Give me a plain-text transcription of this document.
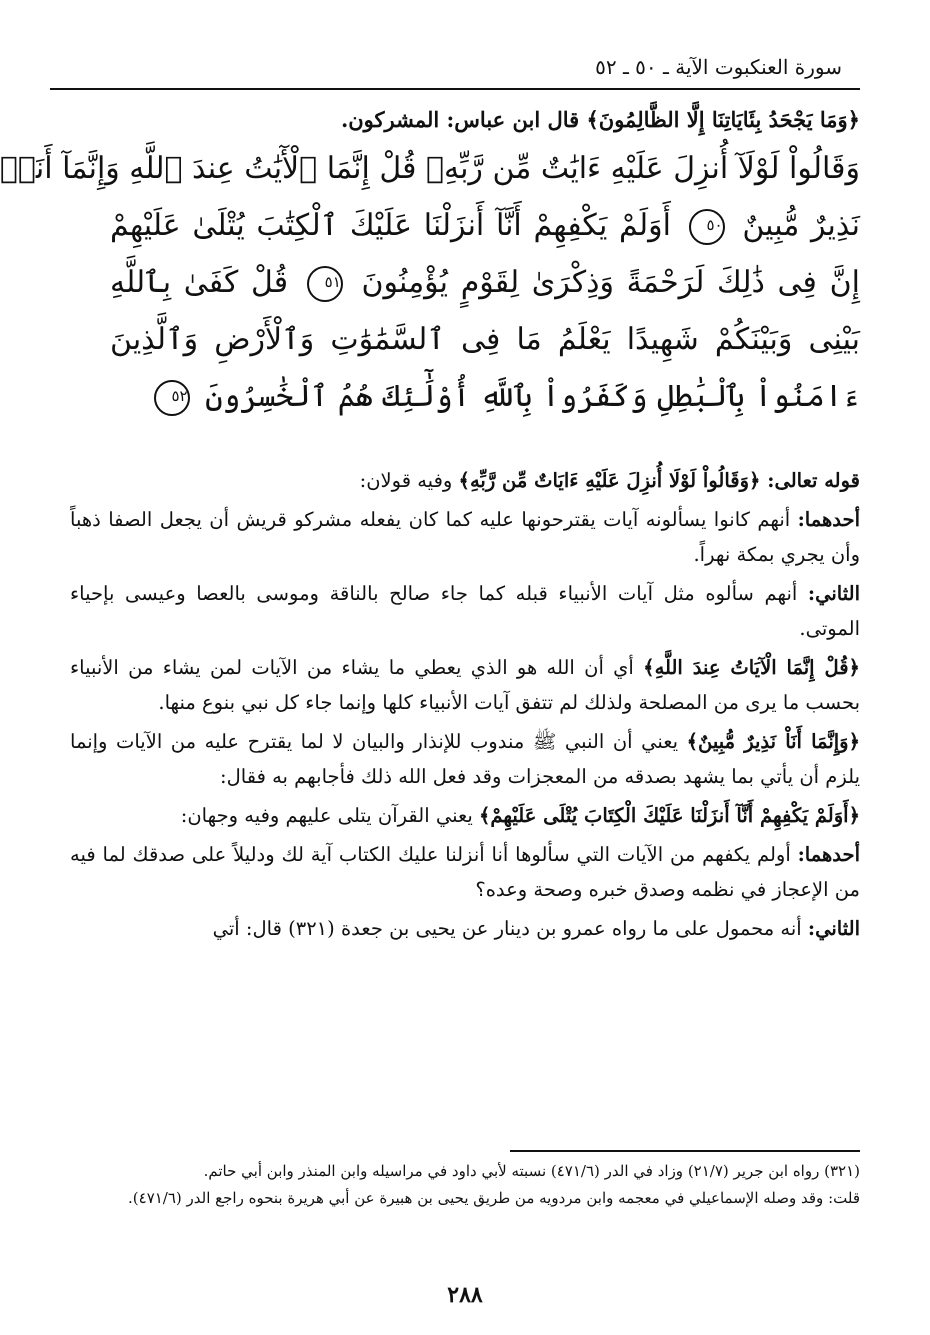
سورة العنكبوت الآية ـ ٥٠ ـ ٥٢
﴿وَمَا يَجْحَدُ بِئَايَاتِنَا إِلَّا الظَّالِمُونَ﴾ قال ابن عباس: المشركون.
وَقَالُواْ لَوْلَآ أُنزِلَ عَلَيْهِ ءَايَٰتٌ مِّن رَّبِّهِۦ قُلْ إِنَّمَا ٱلْأٓيَٰتُ عِندَ ٱللَّهِ وَإِنَّمَآ أَنَا۠
نَذِيرٌ مُّبِينٌ ٥٠ أَوَلَمْ يَكْفِهِمْ أَنَّآ أَنزَلْنَا عَلَيْكَ ٱلْكِتَٰبَ يُتْلَىٰ عَلَيْهِمْ
إِنَّ فِى ذَٰلِكَ لَرَحْمَةً وَذِكْرَىٰ لِقَوْمٍ يُؤْمِنُونَ ٥١ قُلْ كَفَىٰ بِٱللَّهِ
بَيْنِى وَبَيْنَكُمْ شَهِيدًا يَعْلَمُ مَا فِى ٱلسَّمَٰوَٰتِ وَٱلْأَرْضِ وَٱلَّذِينَ
ءَامَنُواْ بِٱلْبَٰطِلِ وَكَفَرُواْ بِٱللَّهِ أُوْلَٰٓئِكَ هُمُ ٱلْخَٰسِرُونَ ٥٢

قوله تعالى: ﴿وَقَالُواْ لَوْلَا أُنزِلَ عَلَيْهِ ءَايَاتٌ مِّن رَّبِّهِ﴾ وفيه قولان:

أحدهما: أنهم كانوا يسألونه آيات يقترحونها عليه كما كان يفعله مشركو قريش أن يجعل الصفا ذهباً وأن يجري بمكة نهراً.

الثاني: أنهم سألوه مثل آيات الأنبياء قبله كما جاء صالح بالناقة وموسى بالعصا وعيسى بإحياء الموتى.

﴿قُلْ إِنَّمَا الْآيَاتُ عِندَ اللَّهِ﴾ أي أن الله هو الذي يعطي ما يشاء من الآيات لمن يشاء من الأنبياء بحسب ما يرى من المصلحة ولذلك لم تتفق آيات الأنبياء كلها وإنما جاء كل نبي بنوع منها.

﴿وَإِنَّمَا أَنَاْ نَذِيرٌ مُّبِينٌ﴾ يعني أن النبي ﷺ مندوب للإنذار والبيان لا لما يقترح عليه من الآيات وإنما يلزم أن يأتي بما يشهد بصدقه من المعجزات وقد فعل الله ذلك فأجابهم به فقال:

﴿أَوَلَمْ يَكْفِهِمْ أَنَّآ أَنزَلْنَا عَلَيْكَ الْكِتَابَ يُتْلَى عَلَيْهِمْ﴾ يعني القرآن يتلى عليهم وفيه وجهان:

أحدهما: أولم يكفهم من الآيات التي سألوها أنا أنزلنا عليك الكتاب آية لك ودليلاً على صدقك لما فيه من الإعجاز في نظمه وصدق خبره وصحة وعده؟

الثاني: أنه محمول على ما رواه عمرو بن دينار عن يحيى بن جعدة (٣٢١) قال: أتي

(٣٢١) رواه ابن جرير (٢١/٧) وزاد في الدر (٤٧١/٦) نسبته لأبي داود في مراسيله وابن المنذر وابن أبي حاتم.

قلت: وقد وصله الإسماعيلي في معجمه وابن مردويه من طريق يحيى بن هبيرة عن أبي هريرة بنحوه راجع الدر (٤٧١/٦).

٢٨٨
